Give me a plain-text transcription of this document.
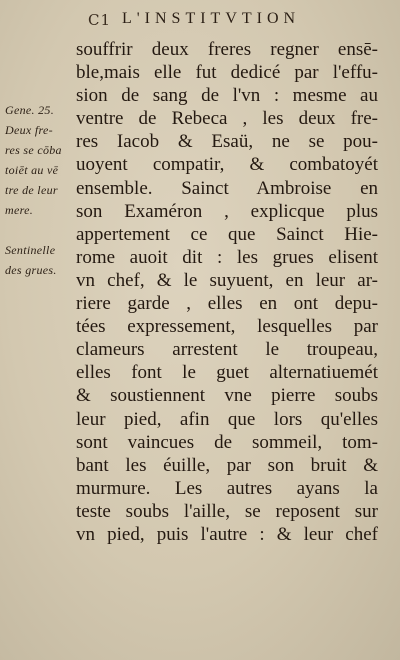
C1 L'INSTITVTION
Gene. 25.
Deux fre-
res se cōba
toiēt au vē
tre de leur
mere.
Sentinelle
des grues.
souffrir deux freres regner ensē-
ble,mais elle fut dedicé par l'effu-
sion de sang de l'vn : mesme au
ventre de Rebeca , les deux fre-
res Iacob & Esaü, ne se pou-
uoyent compatir, & combatoyét
ensemble. Sainct Ambroise en
son Examéron , explicque plus
appertement ce que Sainct Hie-
rome auoit dit : les grues elisent
vn chef, & le suyuent, en leur ar-
riere garde , elles en ont depu-
tées expressement, lesquelles par
clameurs arrestent le troupeau,
elles font le guet alternatiuemét
& soustiennent vne pierre soubs
leur pied, afin que lors qu'elles
sont vaincues de sommeil, tom-
bant les éuille, par son bruit &
murmure. Les autres ayans la
teste soubs l'aille, se reposent sur
vn pied, puis l'autre : & leur chef
